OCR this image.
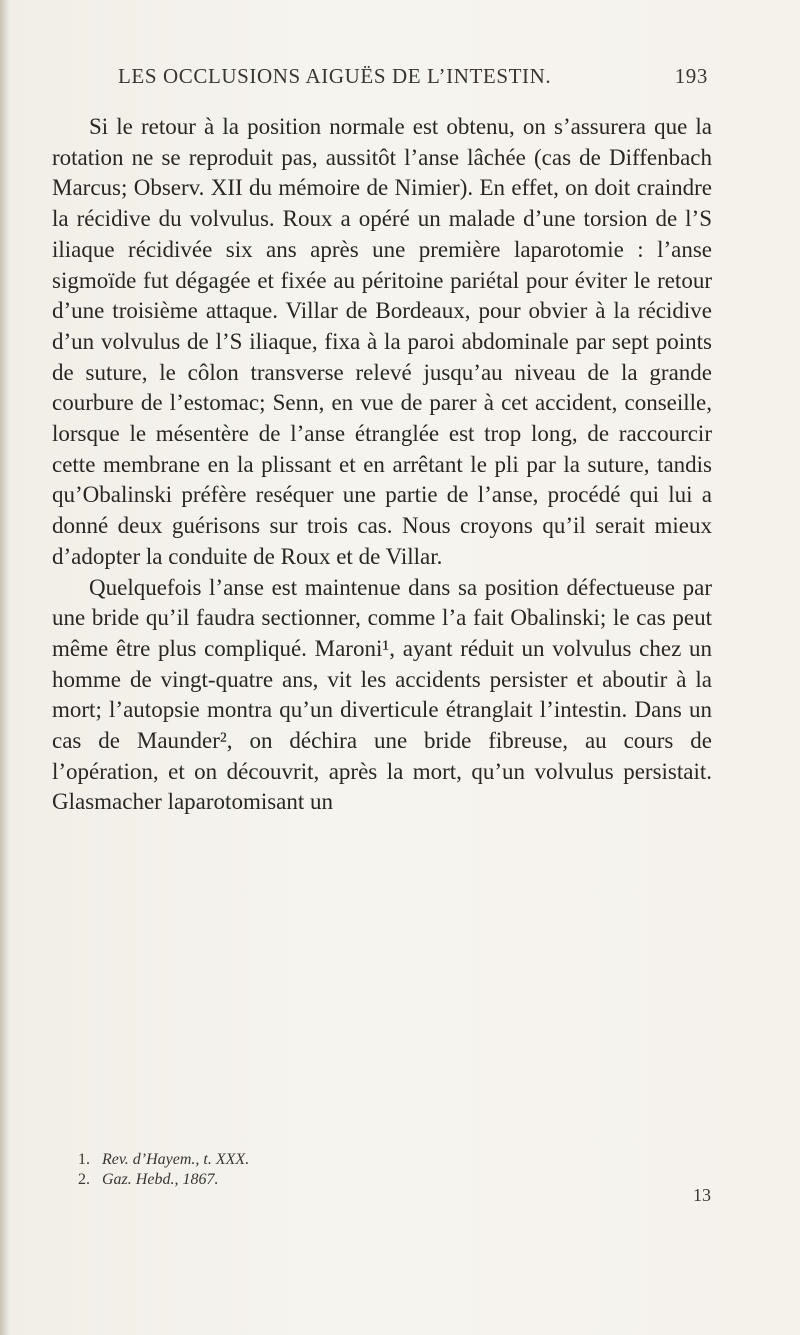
LES OCCLUSIONS AIGUËS DE L’INTESTIN.	193

Si le retour à la position normale est obtenu, on s’assurera que la rotation ne se reproduit pas, aussitôt l’anse lâchée (cas de Diffenbach Marcus; Observ. XII du mémoire de Nimier). En effet, on doit craindre la récidive du volvulus. Roux a opéré un malade d’une torsion de l’S iliaque récidivée six ans après une première laparotomie : l’anse sigmoïde fut dégagée et fixée au péritoine pariétal pour éviter le retour d’une troisième attaque. Villar de Bordeaux, pour obvier à la récidive d’un volvulus de l’S iliaque, fixa à la paroi abdominale par sept points de suture, le côlon transverse relevé jusqu’au niveau de la grande courbure de l’estomac; Senn, en vue de parer à cet accident, conseille, lorsque le mésentère de l’anse étranglée est trop long, de raccourcir cette membrane en la plissant et en arrêtant le pli par la suture, tandis qu’Obalinski préfère reséquer une partie de l’anse, procédé qui lui a donné deux guérisons sur trois cas. Nous croyons qu’il serait mieux d’adopter la conduite de Roux et de Villar.

Quelquefois l’anse est maintenue dans sa position défectueuse par une bride qu’il faudra sectionner, comme l’a fait Obalinski; le cas peut même être plus compliqué. Maroni¹, ayant réduit un volvulus chez un homme de vingt-quatre ans, vit les accidents persister et aboutir à la mort; l’autopsie montra qu’un diverticule étranglait l’intestin. Dans un cas de Maunder², on déchira une bride fibreuse, au cours de l’opération, et on découvrit, après la mort, qu’un volvulus persistait. Glasmacher laparotomisant un

1. Rev. d’Hayem., t. XXX.
2. Gaz. Hebd., 1867.
13
